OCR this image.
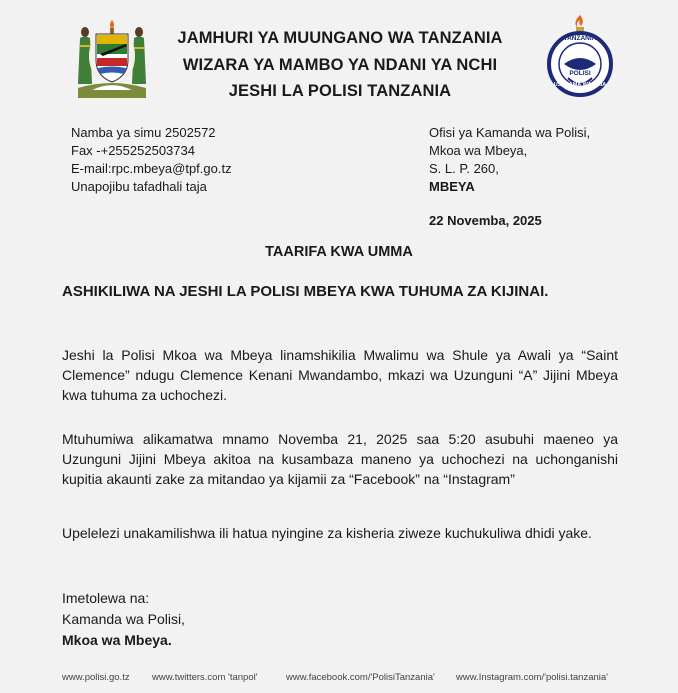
JAMHURI YA MUUNGANO WA TANZANIA
WIZARA YA MAMBO YA NDANI YA NCHI
JESHI LA POLISI TANZANIA
TANZANIA
POLISI
USALAMA WA RAIA
Namba ya simu 2502572
Fax -+255252503734
E-mail:rpc.mbeya@tpf.go.tz
Unapojibu tafadhali taja
Ofisi ya Kamanda wa Polisi,
Mkoa wa Mbeya,
S. L. P. 260,
MBEYA
22 Novemba, 2025
TAARIFA KWA UMMA
ASHIKILIWA NA JESHI LA POLISI MBEYA KWA TUHUMA ZA KIJINAI.
Jeshi la Polisi Mkoa wa Mbeya linamshikilia Mwalimu wa Shule ya Awali ya “Saint Clemence” ndugu Clemence Kenani Mwandambo, mkazi wa Uzunguni “A” Jijini Mbeya kwa tuhuma za uchochezi.
Mtuhumiwa alikamatwa mnamo Novemba 21, 2025 saa 5:20 asubuhi maeneo ya Uzunguni Jijini Mbeya akitoa na kusambaza maneno ya uchochezi na uchonganishi kupitia akaunti zake za mitandao ya kijamii za “Facebook” na “Instagram”
Upelelezi unakamilishwa ili hatua nyingine za kisheria ziweze kuchukuliwa dhidi yake.
Imetolewa na:
Kamanda wa Polisi,
Mkoa wa Mbeya.
www.polisi.go.tz www.twitters.com 'tanpol'	www.facebook.com/'PolisiTanzania' www.Instagram.com/'polisi.tanzania'
